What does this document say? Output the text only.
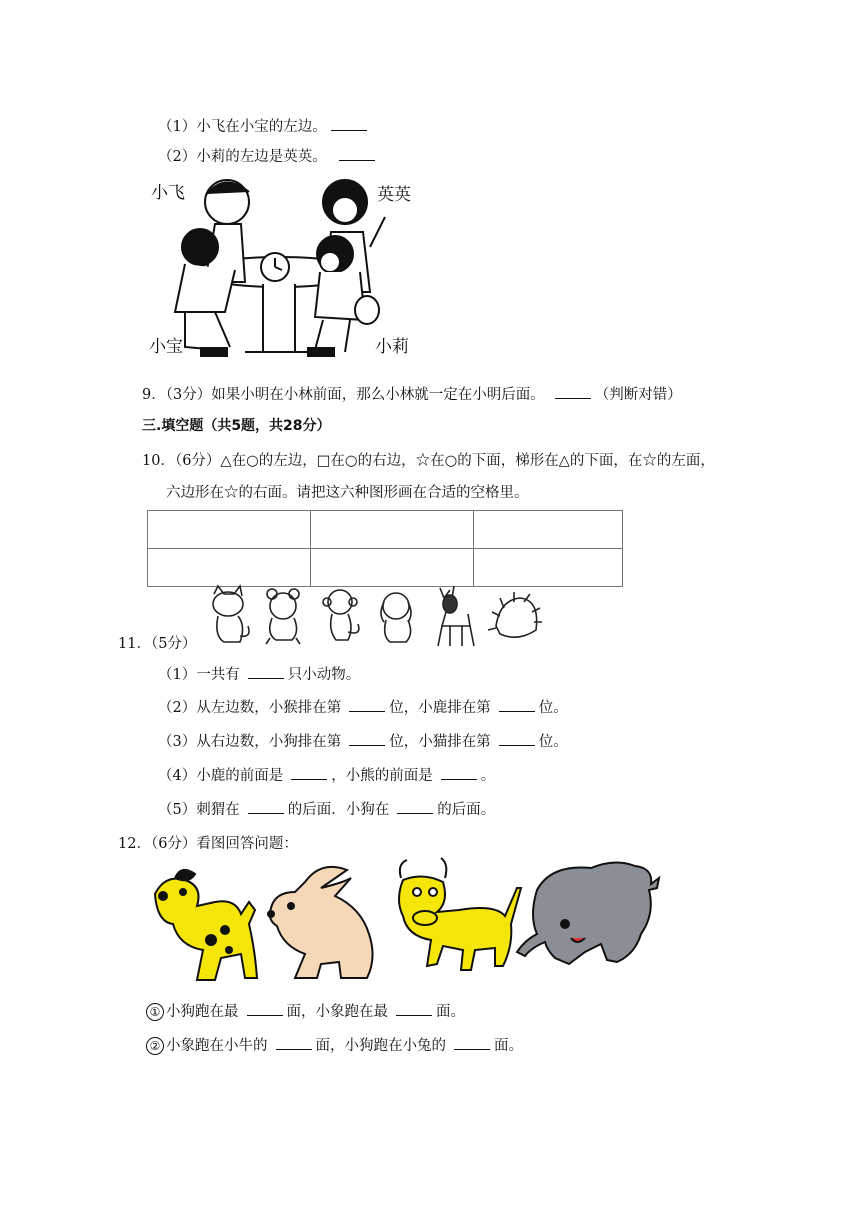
（1）小飞在小宝的左边。
（2）小莉的左边是英英。
小飞	英英
小宝	小莉
9．（3分）如果小明在小林前面，那么小林就一定在小明后面。	（判断对错）
三.填空题（共5题，共28分）
10．（6分）△在○的左边，□在○的右边，☆在○的下面，梯形在△的下面，在☆的左面，
六边形在☆的右面。请把这六种图形画在合适的空格里。

11．（5分）
（1）一共有	只小动物。
（2）从左边数，小猴排在第	位，小鹿排在第	位。
（3）从右边数，小狗排在第	位，小猫排在第	位。
（4）小鹿的前面是	，小熊的前面是	。
（5）刺猬在	的后面．小狗在	的后面。
12．（6分）看图回答问题：
① 小狗跑在最	面，小象跑在最	面。
② 小象跑在小牛的	面，小狗跑在小兔的	面。
